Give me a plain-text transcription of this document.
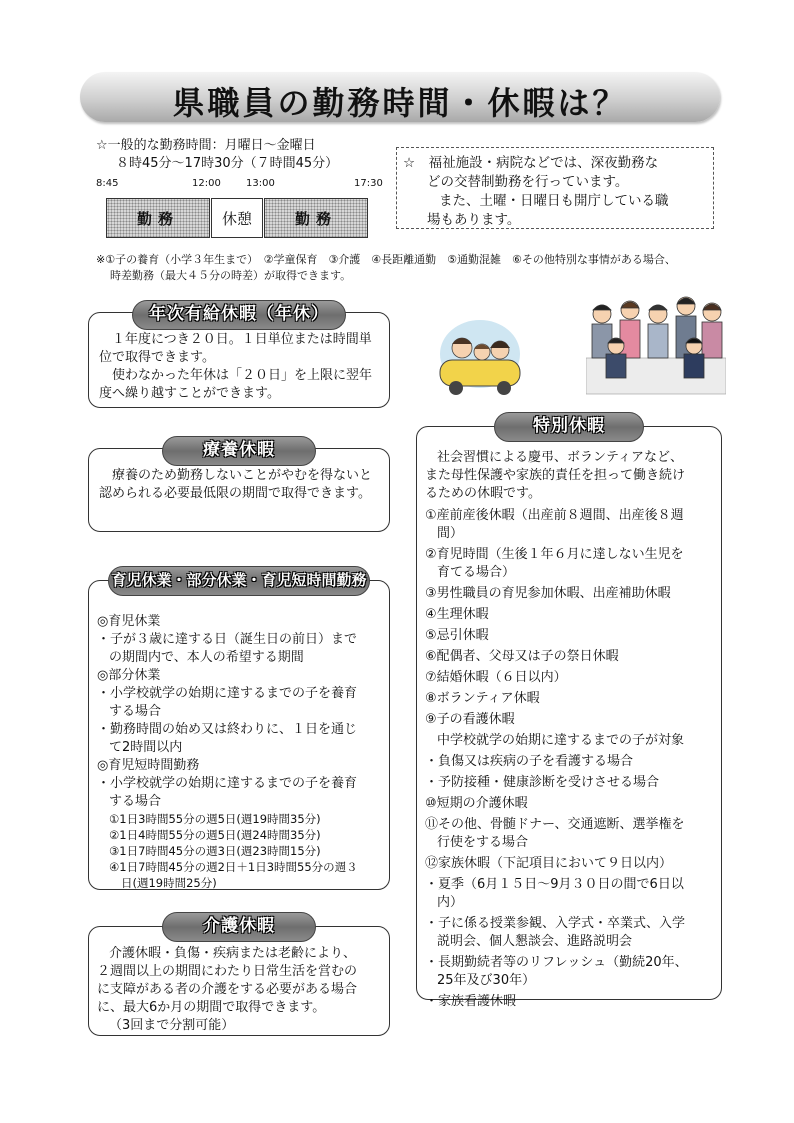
県職員の勤務時間・休暇は？
☆一般的な勤務時間：月曜日～金曜日
８時45分～17時30分（７時間45分）
8:45	12:00	13:00	17:30
勤務	休憩	勤務

☆　福祉施設・病院などでは、深夜勤務な

どの交替制勤務を行っています。

また、土曜・日曜日も開庁している職

場もあります。

※①子の養育（小学３年生まで）　②学童保育　③介護　④長距離通勤　⑤通勤混雑　⑥その他特別な事情がある場合、

時差勤務（最大４５分の時差）が取得できます。

１年度につき２０日。１日単位または時間単位で取得できます。

使わなかった年休は「２０日」を上限に翌年度へ繰り越すことができます。

年次有給休暇（年休）

療養のため勤務しないことがやむを得ないと認められる必要最低限の期間で取得できます。

療養休暇

◎育児休業

・子が３歳に達する日（誕生日の前日）まで

の期間内で、本人の希望する期間

◎部分休業

・小学校就学の始期に達するまでの子を養育

する場合

・勤務時間の始め又は終わりに、１日を通じ

て2時間以内

◎育児短時間勤務

・小学校就学の始期に達するまでの子を養育

する場合

①1日3時間55分の週5日(週19時間35分)

②1日4時間55分の週5日(週24時間35分)

③1日7時間45分の週3日(週23時間15分)

④1日7時間45分の週2日＋1日3時間55分の週３

日(週19時間25分)

育児休業・部分休業・育児短時間勤務

介護休暇・負傷・疾病または老齢により、

２週間以上の期間にわたり日常生活を営むの

に支障がある者の介護をする必要がある場合

に、最大6か月の期間で取得できます。

（3回まで分割可能）

介護休暇

社会習慣による慶弔、ボランティアなど、

また母性保護や家族的責任を担って働き続け

るための休暇です。

①産前産後休暇（出産前８週間、出産後８週

間）

②育児時間（生後１年６月に達しない生児を

育てる場合）

③男性職員の育児参加休暇、出産補助休暇

④生理休暇

⑤忌引休暇

⑥配偶者、父母又は子の祭日休暇

⑦結婚休暇（６日以内）

⑧ボランティア休暇

⑨子の看護休暇

中学校就学の始期に達するまでの子が対象

・負傷又は疾病の子を看護する場合

・予防接種・健康診断を受けさせる場合

⑩短期の介護休暇

⑪その他、骨髄ドナー、交通遮断、選挙権を

行使をする場合

⑫家族休暇（下記項目において９日以内）

・夏季（6月１５日～9月３０日の間で6日以

内）

・子に係る授業参観、入学式・卒業式、入学

説明会、個人懇談会、進路説明会

・長期勤続者等のリフレッシュ（勤続20年、

25年及び30年）

・家族看護休暇

特別休暇
